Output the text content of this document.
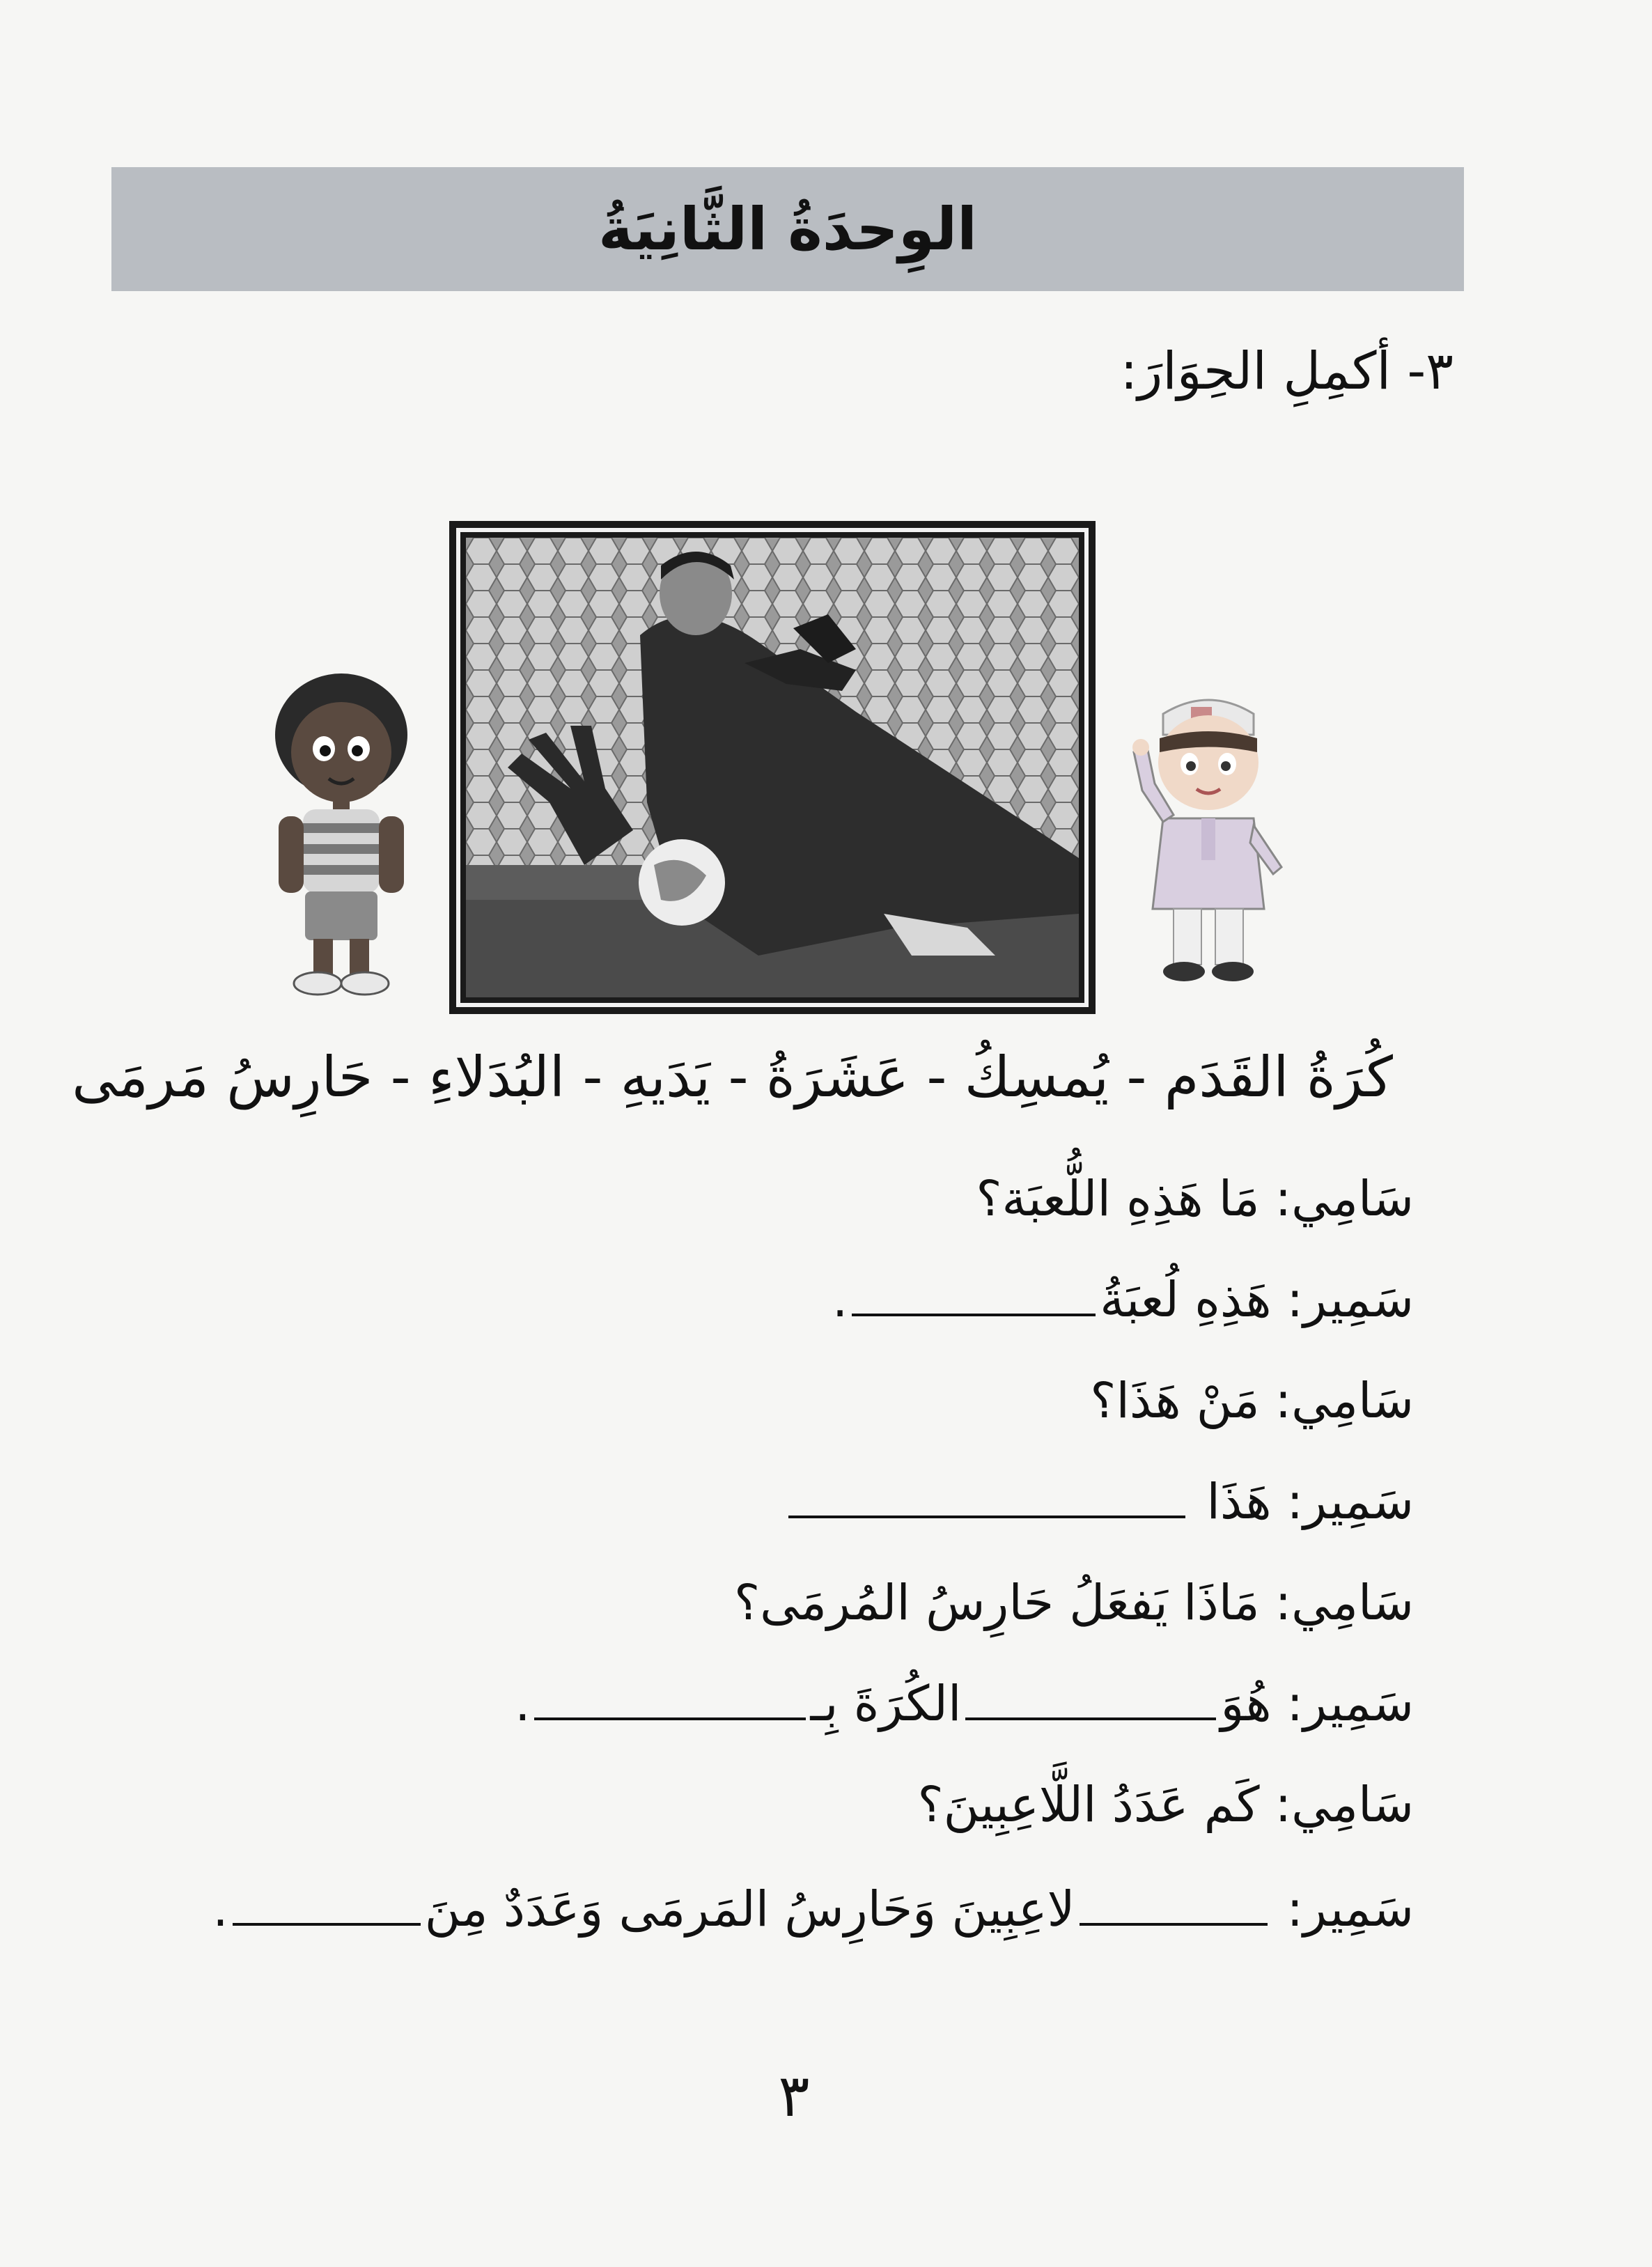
الوِحدَةُ الثَّانِيَةُ
٣- أكمِلِ الحِوَارَ:
كُرَةُ القَدَم - يُمسِكُ - عَشَرَةُ - يَدَيهِ - البُدَلاءِ - حَارِسُ مَرمَى
سَامِي:
مَا هَذِهِ اللُّعبَة؟
سَمِير:
هَذِهِ لُعبَةُ
.
سَامِي:
مَنْ هَذَا؟
سَمِير:
هَذَا
سَامِي:
مَاذَا يَفعَلُ حَارِسُ المُرمَى؟
سَمِير:
هُوَ
الكُرَةَ بِـ
.
سَامِي:
كَم عَدَدُ اللَّاعِبِينَ؟
سَمِير:
لاعِبِينَ وَحَارِسُ المَرمَى وَعَدَدٌ مِنَ
.
٣
